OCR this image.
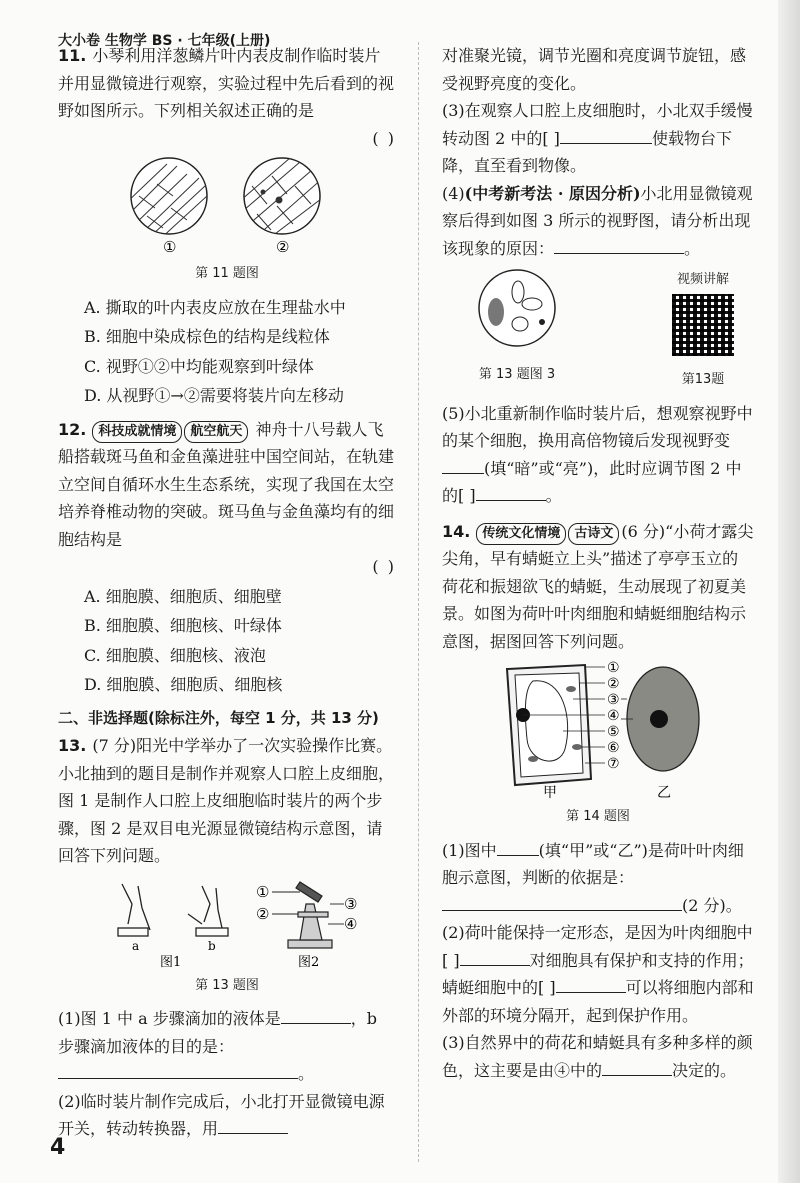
大小卷 生物学 BS · 七年级(上册)
11. 小琴利用洋葱鳞片叶内表皮制作临时装片并用显微镜进行观察，实验过程中先后看到的视野如图所示。下列相关叙述正确的是
( )
①	②
第 11 题图
A. 撕取的叶内表皮应放在生理盐水中
B. 细胞中染成棕色的结构是线粒体
C. 视野①②中均能观察到叶绿体
D. 从视野①→②需要将装片向左移动
12. 科技成就情境 航空航天 神舟十八号载人飞船搭载斑马鱼和金鱼藻进驻中国空间站，在轨建立空间自循环水生生态系统，实现了我国在太空培养脊椎动物的突破。斑马鱼与金鱼藻均有的细胞结构是
( )
A. 细胞膜、细胞质、细胞壁
B. 细胞膜、细胞核、叶绿体
C. 细胞膜、细胞核、液泡
D. 细胞膜、细胞质、细胞核
二、非选择题(除标注外，每空 1 分，共 13 分)
13. (7 分)阳光中学举办了一次实验操作比赛。小北抽到的题目是制作并观察人口腔上皮细胞，图 1 是制作人口腔上皮细胞临时装片的两个步骤，图 2 是双目电光源显微镜结构示意图，请回答下列问题。
a	b
图1
①
②
③
④
图2
第 13 题图
(1)图 1 中 a 步骤滴加的液体是	，b 步骤滴加液体的目的是：。
(2)临时装片制作完成后，小北打开显微镜电源开关，转动转换器，用
对准聚光镜，调节光圈和亮度调节旋钮，感受视野亮度的变化。
(3)在观察人口腔上皮细胞时，小北双手缓慢转动图 2 中的[ ]	使载物台下降，直至看到物像。
(4)(中考新考法 · 原因分析)小北用显微镜观察后得到如图 3 所示的视野图，请分析出现该现象的原因：	。
第 13 题图 3
视频讲解
第13题
(5)小北重新制作临时装片后，想观察视野中的某个细胞，换用高倍物镜后发现视野变(填“暗”或“亮”)，此时应调节图 2 中的[ ]	。
14. 传统文化情境 古诗文 (6 分)“小荷才露尖尖角，早有蜻蜓立上头”描述了亭亭玉立的荷花和振翅欲飞的蜻蜓，生动展现了初夏美景。如图为荷叶叶肉细胞和蜻蜓细胞结构示意图，据图回答下列问题。
①
②
③
④
⑤
⑥
⑦
甲	乙
第 14 题图
(1)图中	(填“甲”或“乙”)是荷叶叶肉细胞示意图，判断的依据是：(2 分)。
(2)荷叶能保持一定形态，是因为叶肉细胞中[ ]	对细胞具有保护和支持的作用；蜻蜓细胞中的[ ]	可以将细胞内部和外部的环境分隔开，起到保护作用。
(3)自然界中的荷花和蜻蜓具有多种多样的颜色，这主要是由④中的	决定的。
4
